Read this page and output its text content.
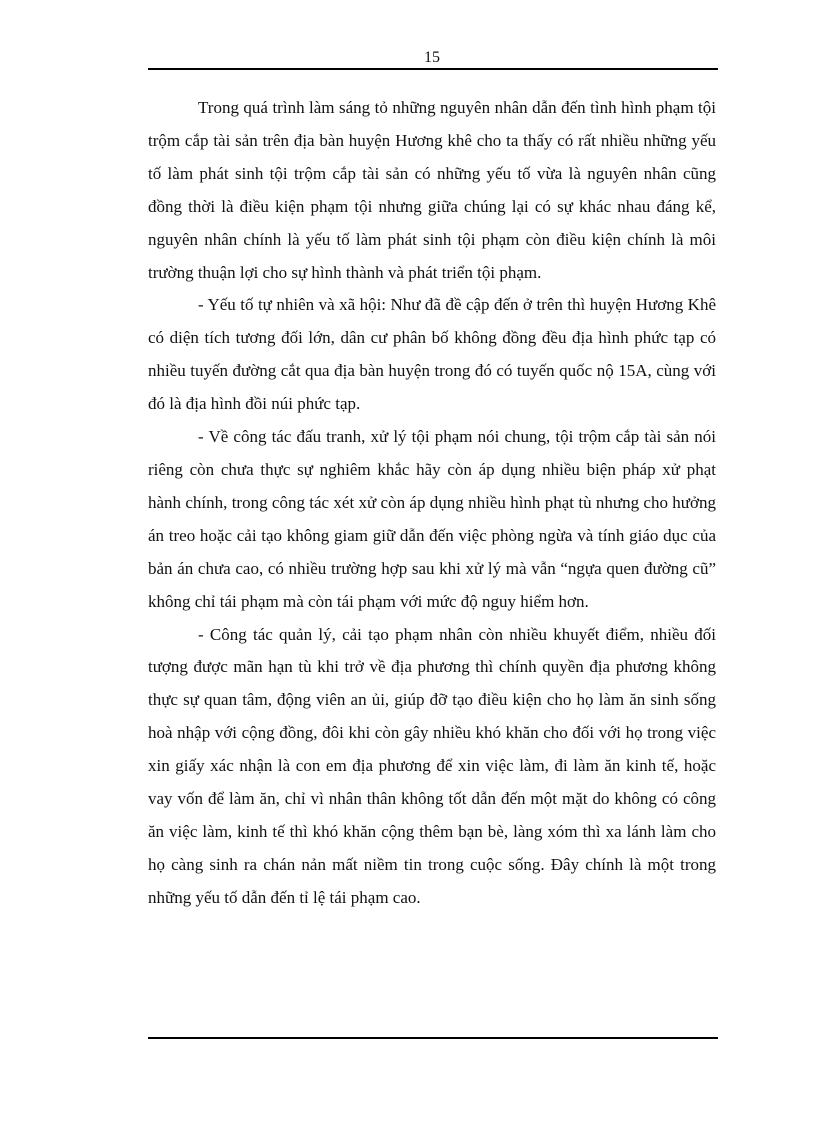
15

Trong quá trình làm sáng tỏ những nguyên nhân dẫn đến tình hình phạm tội trộm cắp tài sản trên địa bàn huyện Hương khê cho ta thấy có rất nhiều những yếu tố làm phát sinh tội trộm cắp tài sản có những yếu tố vừa là nguyên nhân cũng đồng thời là điều kiện phạm tội nhưng giữa chúng lại có sự khác nhau đáng kể, nguyên nhân chính là yếu tố làm phát sinh tội phạm còn điều kiện chính là môi trường thuận lợi cho sự hình thành và phát triển tội phạm.

- Yếu tố tự nhiên và xã hội: Như đã đề cập đến ở trên thì huyện Hương Khê có diện tích tương đối lớn, dân cư phân bố không đồng đều địa hình phức tạp có nhiều tuyến đường cắt qua địa bàn huyện trong đó có tuyến quốc nộ 15A, cùng với đó là địa hình đồi núi phức tạp.

- Về công tác đấu tranh, xử lý tội phạm nói chung, tội trộm cắp tài sản nói riêng còn chưa thực sự nghiêm khắc hãy còn áp dụng nhiều biện pháp xử phạt hành chính, trong công tác xét xử còn áp dụng nhiều hình phạt tù nhưng cho hưởng án treo hoặc cải tạo không giam giữ dẫn đến việc phòng ngừa và tính giáo dục của bản án chưa cao, có nhiều trường hợp sau khi xử lý mà vẫn “ngựa quen đường cũ” không chỉ tái phạm mà còn tái phạm với mức độ nguy hiểm hơn.

- Công tác quản lý, cải tạo phạm nhân còn nhiều khuyết điểm, nhiều đối tượng được mãn hạn tù khi trở về địa phương thì chính quyền địa phương không thực sự quan tâm, động viên an ủi, giúp đỡ tạo điều kiện cho họ làm ăn sinh sống hoà nhập với cộng đồng, đôi khi còn gây nhiều khó khăn cho đối với họ trong việc xin giấy xác nhận là con em địa phương để xin việc làm, đi làm ăn kinh tế, hoặc vay vốn để làm ăn, chỉ vì nhân thân không tốt dẫn đến một mặt do không có công ăn việc làm, kinh tế thì khó khăn cộng thêm bạn bè, làng xóm thì xa lánh làm cho họ càng sinh ra chán nản mất niềm tin trong cuộc sống. Đây chính là một trong những yếu tố dẫn đến tỉ lệ tái phạm cao.
